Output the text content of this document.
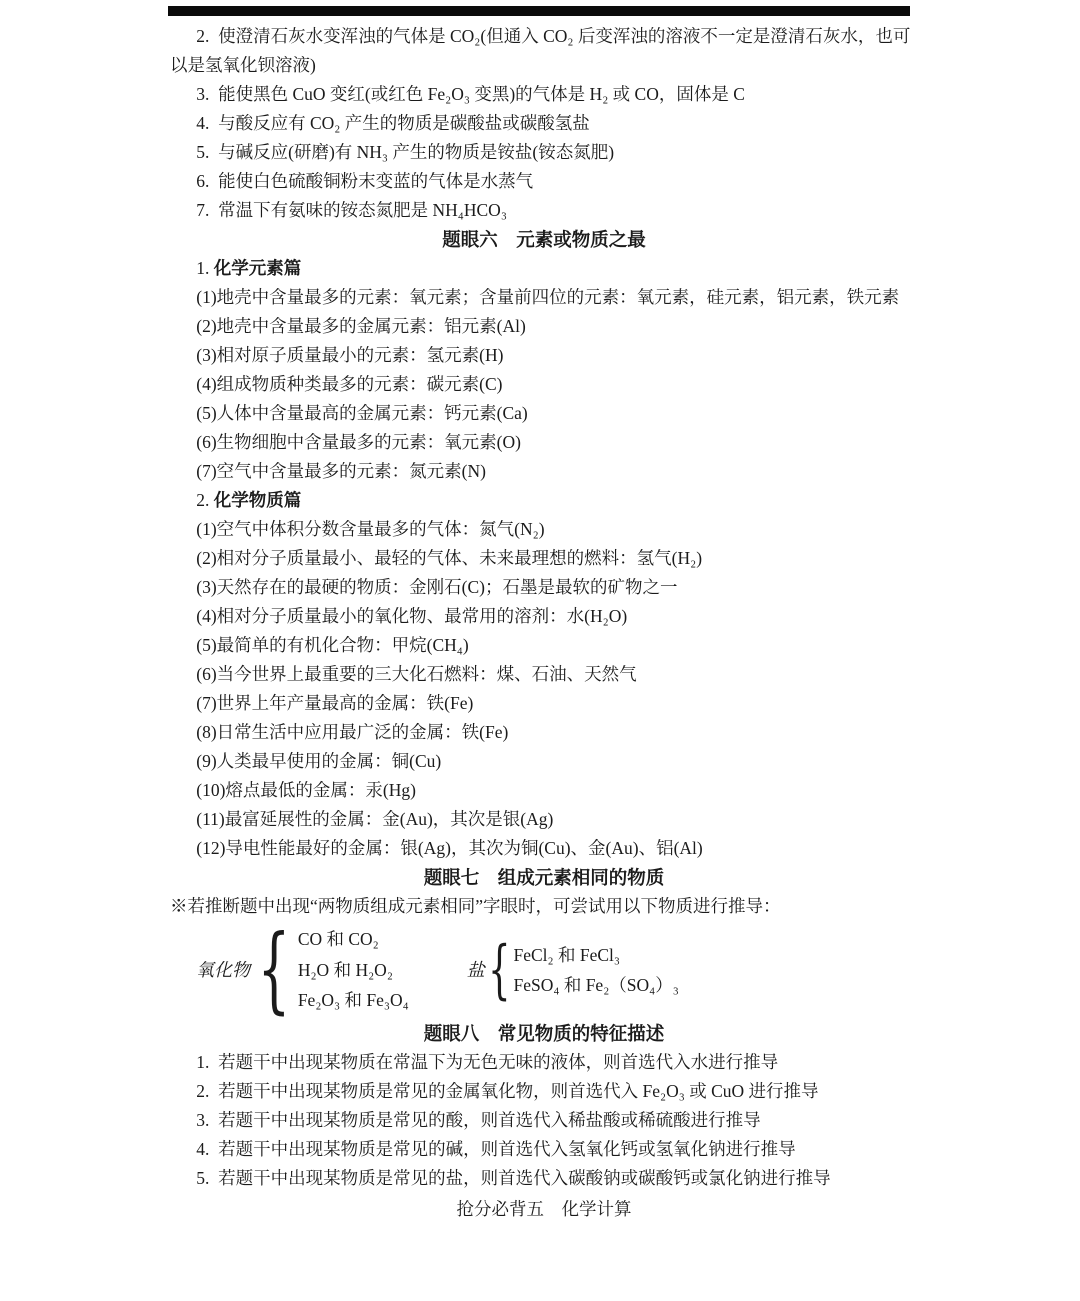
2.  使澄清石灰水变浑浊的气体是 CO₂(但通入 CO₂ 后变浑浊的溶液不一定是澄清石灰水，也可以是氢氧化钡溶液)

3.  能使黑色 CuO 变红(或红色 Fe₂O₃ 变黑)的气体是 H₂ 或 CO，固体是 C

4.  与酸反应有 CO₂ 产生的物质是碳酸盐或碳酸氢盐

5.  与碱反应(研磨)有 NH₃ 产生的物质是铵盐(铵态氮肥)

6.  能使白色硫酸铜粉末变蓝的气体是水蒸气

7.  常温下有氨味的铵态氮肥是 NH₄HCO₃

题眼六　元素或物质之最

1. 化学元素篇

(1)地壳中含量最多的元素：氧元素；含量前四位的元素：氧元素，硅元素，铝元素，铁元素

(2)地壳中含量最多的金属元素：铝元素(Al)

(3)相对原子质量最小的元素：氢元素(H)

(4)组成物质种类最多的元素：碳元素(C)

(5)人体中含量最高的金属元素：钙元素(Ca)

(6)生物细胞中含量最多的元素：氧元素(O)

(7)空气中含量最多的元素：氮元素(N)

2. 化学物质篇

(1)空气中体积分数含量最多的气体：氮气(N₂)

(2)相对分子质量最小、最轻的气体、未来最理想的燃料：氢气(H₂)

(3)天然存在的最硬的物质：金刚石(C)；石墨是最软的矿物之一

(4)相对分子质量最小的氧化物、最常用的溶剂：水(H₂O)

(5)最简单的有机化合物：甲烷(CH₄)

(6)当今世界上最重要的三大化石燃料：煤、石油、天然气

(7)世界上年产量最高的金属：铁(Fe)

(8)日常生活中应用最广泛的金属：铁(Fe)

(9)人类最早使用的金属：铜(Cu)

(10)熔点最低的金属：汞(Hg)

(11)最富延展性的金属：金(Au)，其次是银(Ag)

(12)导电性能最好的金属：银(Ag)，其次为铜(Cu)、金(Au)、铝(Al)

题眼七　组成元素相同的物质

※若推断题中出现“两物质组成元素相同”字眼时，可尝试用以下物质进行推导：

氧化物 { CO 和 CO₂
H₂O 和 H₂O₂
Fe₂O₃ 和 Fe₃O₄
盐 { FeCl₂ 和 FeCl₃
FeSO₄ 和 Fe₂（SO₄）₃

题眼八　常见物质的特征描述

1.  若题干中出现某物质在常温下为无色无味的液体，则首选代入水进行推导

2.  若题干中出现某物质是常见的金属氧化物，则首选代入 Fe₂O₃ 或 CuO 进行推导

3.  若题干中出现某物质是常见的酸，则首选代入稀盐酸或稀硫酸进行推导

4.  若题干中出现某物质是常见的碱，则首选代入氢氧化钙或氢氧化钠进行推导

5.  若题干中出现某物质是常见的盐，则首选代入碳酸钠或碳酸钙或氯化钠进行推导

抢分必背五　化学计算
